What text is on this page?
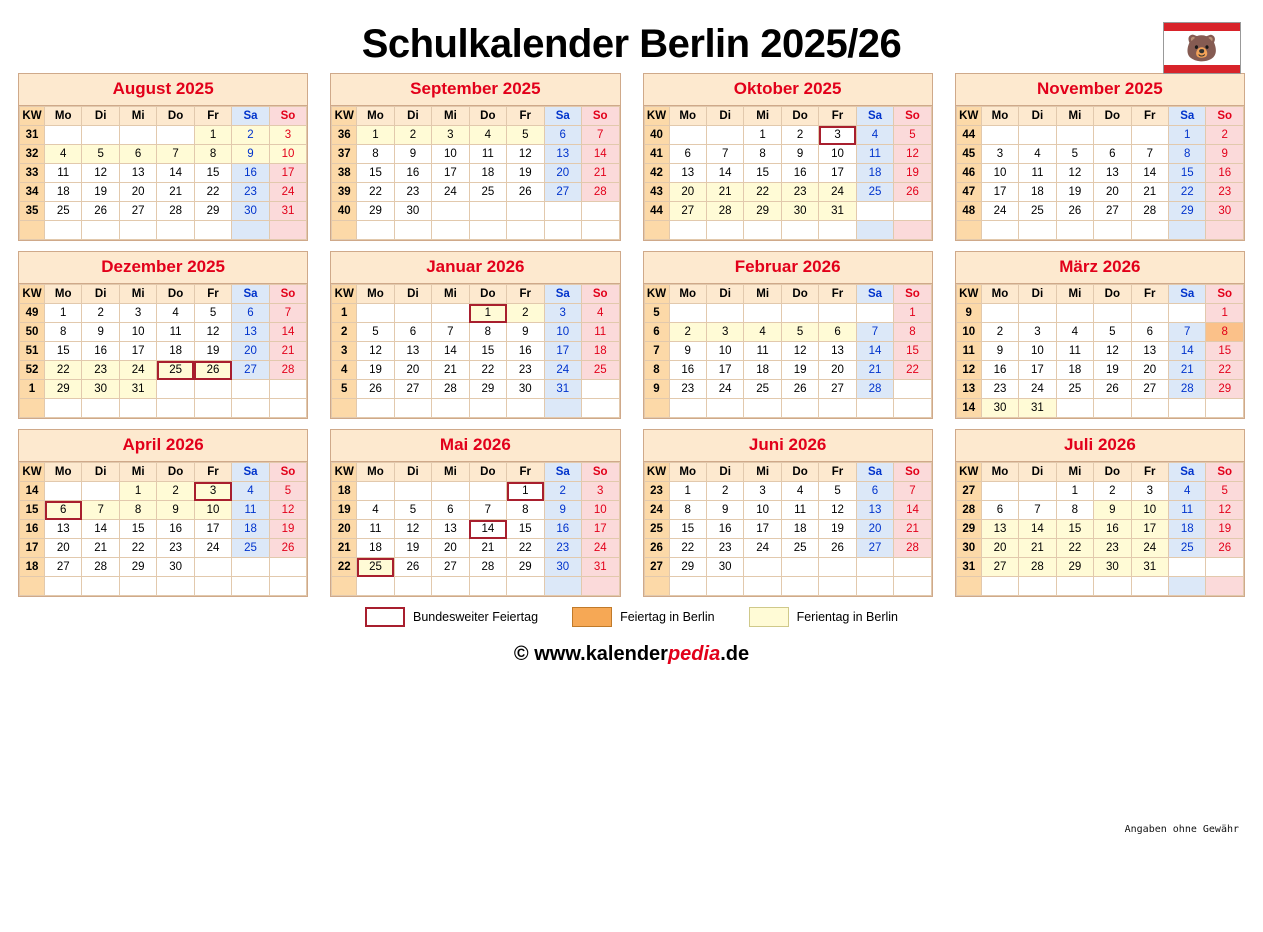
Schulkalender Berlin 2025/26	🐻
August 2025
KW	Mo	Di	Mi	Do	Fr	Sa	So
31					1	2	3
32	4	5	6	7	8	9	10
33	11	12	13	14	15	16	17
34	18	19	20	21	22	23	24
35	25	26	27	28	29	30	31

September 2025
KW	Mo	Di	Mi	Do	Fr	Sa	So
36	1	2	3	4	5	6	7
37	8	9	10	11	12	13	14
38	15	16	17	18	19	20	21
39	22	23	24	25	26	27	28
40	29	30					

Oktober 2025
KW	Mo	Di	Mi	Do	Fr	Sa	So
40			1	2	3	4	5
41	6	7	8	9	10	11	12
42	13	14	15	16	17	18	19
43	20	21	22	23	24	25	26
44	27	28	29	30	31		

November 2025
KW	Mo	Di	Mi	Do	Fr	Sa	So
44						1	2
45	3	4	5	6	7	8	9
46	10	11	12	13	14	15	16
47	17	18	19	20	21	22	23
48	24	25	26	27	28	29	30

Dezember 2025
KW	Mo	Di	Mi	Do	Fr	Sa	So
49	1	2	3	4	5	6	7
50	8	9	10	11	12	13	14
51	15	16	17	18	19	20	21
52	22	23	24	25	26	27	28
1	29	30	31				

Januar 2026
KW	Mo	Di	Mi	Do	Fr	Sa	So
1				1	2	3	4
2	5	6	7	8	9	10	11
3	12	13	14	15	16	17	18
4	19	20	21	22	23	24	25
5	26	27	28	29	30	31	

Februar 2026
KW	Mo	Di	Mi	Do	Fr	Sa	So
5							1
6	2	3	4	5	6	7	8
7	9	10	11	12	13	14	15
8	16	17	18	19	20	21	22
9	23	24	25	26	27	28	

März 2026
KW	Mo	Di	Mi	Do	Fr	Sa	So
9							1
10	2	3	4	5	6	7	8
11	9	10	11	12	13	14	15
12	16	17	18	19	20	21	22
13	23	24	25	26	27	28	29
14	30	31					
April 2026
KW	Mo	Di	Mi	Do	Fr	Sa	So
14			1	2	3	4	5
15	6	7	8	9	10	11	12
16	13	14	15	16	17	18	19
17	20	21	22	23	24	25	26
18	27	28	29	30			

Mai 2026
KW	Mo	Di	Mi	Do	Fr	Sa	So
18					1	2	3
19	4	5	6	7	8	9	10
20	11	12	13	14	15	16	17
21	18	19	20	21	22	23	24
22	25	26	27	28	29	30	31

Juni 2026
KW	Mo	Di	Mi	Do	Fr	Sa	So
23	1	2	3	4	5	6	7
24	8	9	10	11	12	13	14
25	15	16	17	18	19	20	21
26	22	23	24	25	26	27	28
27	29	30					

Juli 2026
KW	Mo	Di	Mi	Do	Fr	Sa	So
27			1	2	3	4	5
28	6	7	8	9	10	11	12
29	13	14	15	16	17	18	19
30	20	21	22	23	24	25	26
31	27	28	29	30	31		

Bundesweiter Feiertag	Feiertag in Berlin	Ferientag in Berlin
Angaben ohne Gewähr
© www.kalenderpedia.de
